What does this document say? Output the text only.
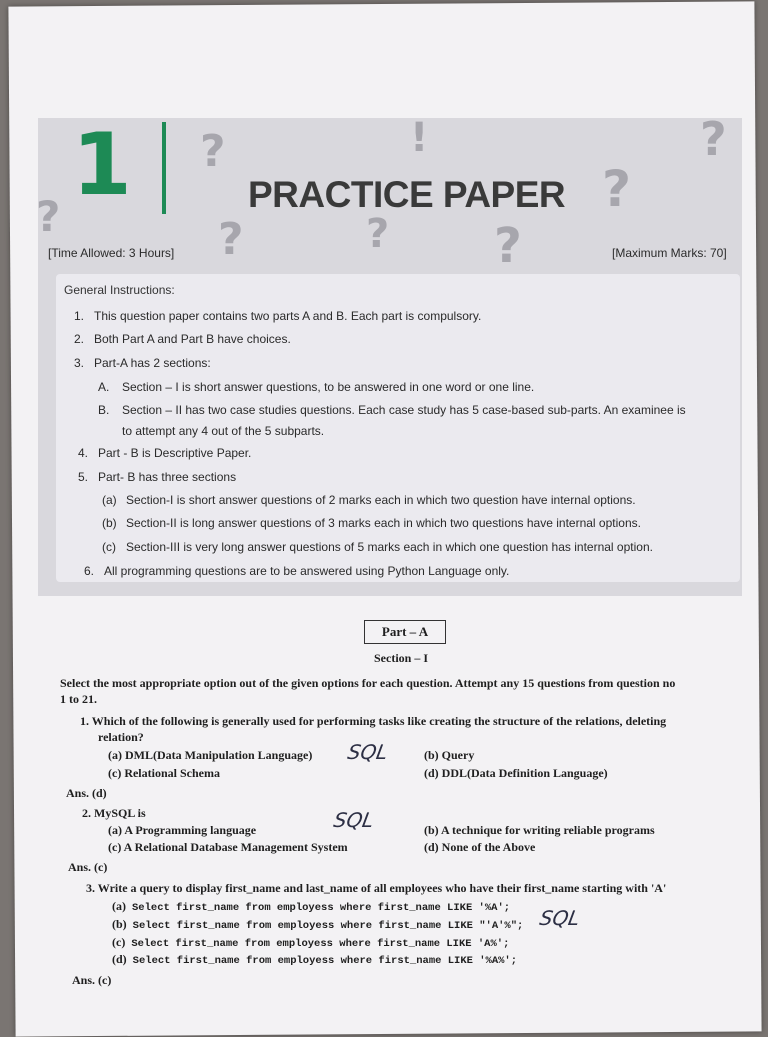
?	!	?
?
?	?	? ?
1	PRACTICE PAPER
[Time Allowed: 3 Hours]	[Maximum Marks: 70]
General Instructions:
1. This question paper contains two parts A and B. Each part is compulsory.
2. Both Part A and Part B have choices.
3. Part-A has 2 sections:
A. Section – I is short answer questions, to be answered in one word or one line.
B. Section – II has two case studies questions. Each case study has 5 case-based sub-parts. An examinee is
to attempt any 4 out of the 5 subparts.
4. Part - B is Descriptive Paper.
5. Part- B has three sections
(a) Section-I is short answer questions of 2 marks each in which two question have internal options.
(b) Section-II is long answer questions of 3 marks each in which two questions have internal options.
(c) Section-III is very long answer questions of 5 marks each in which one question has internal option.
6. All programming questions are to be answered using Python Language only.
Part – A
Section – I
Select the most appropriate option out of the given options for each question. Attempt any 15 questions from question no
1 to 21.
1. Which of the following is generally used for performing tasks like creating the structure of the relations, deleting
relation?
(a) DML(Data Manipulation Language)	(b) Query
(c) Relational Schema	(d) DDL(Data Definition Language)
Ans. (d)
SQL
2. MySQL is
(a) A Programming language	(b) A technique for writing reliable programs
(c) A Relational Database Management System	(d) None of the Above
Ans. (c)
SQL
3. Write a query to display first_name and last_name of all employees who have their first_name starting with 'A'
(a) Select first_name from employess where first_name LIKE '%A';
(b) Select first_name from employess where first_name LIKE "'A'%";
(c) Select first_name from employess where first_name LIKE 'A%';
(d) Select first_name from employess where first_name LIKE '%A%';
Ans. (c)
SQL
